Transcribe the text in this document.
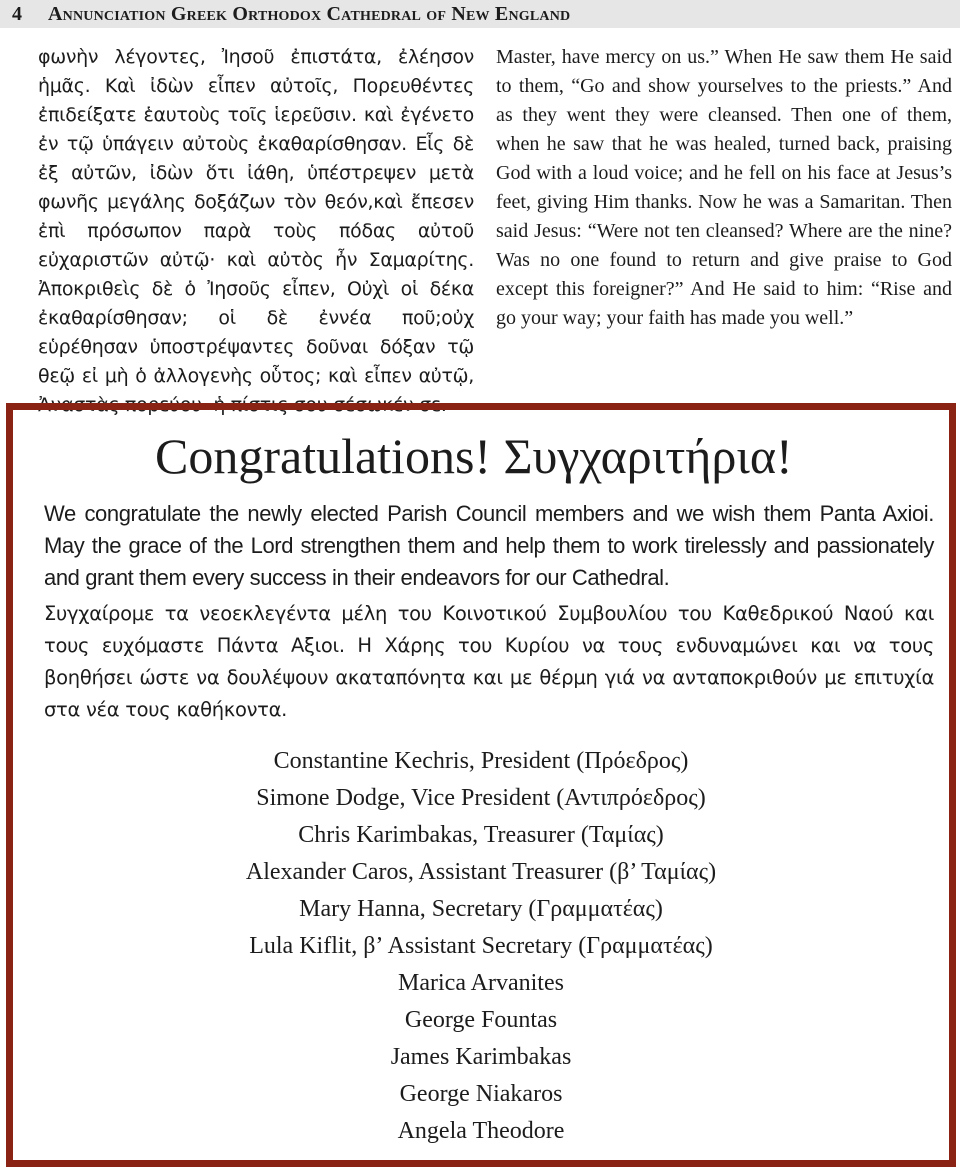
4 Annunciation Greek Orthodox Cathedral of New England
φωνὴν λέγοντες, Ἰησοῦ ἐπιστάτα, ἐλέησον ἡμᾶς. Καὶ ἰδὼν εἶπεν αὐτοῖς, Πορευθέντες ἐπιδείξατε ἑαυτοὺς τοῖς ἱερεῦσιν. καὶ ἐγένετο ἐν τῷ ὑπάγειν αὐτοὺς ἐκαθαρίσθησαν. Εἷς δὲ ἐξ αὐτῶν, ἰδὼν ὅτι ἰάθη, ὑπέστρεψεν μετὰ φωνῆς μεγάλης δοξάζων τὸν θεόν,καὶ ἔπεσεν ἐπὶ πρόσωπον παρὰ τοὺς πόδας αὐτοῦ εὐχαριστῶν αὐτῷ· καὶ αὐτὸς ἦν Σαμαρίτης. Ἀποκριθεὶς δὲ ὁ Ἰησοῦς εἶπεν, Οὐχὶ οἱ δέκα ἐκαθαρίσθησαν; οἱ δὲ ἐννέα ποῦ;οὐχ εὑρέθησαν ὑποστρέψαντες δοῦναι δόξαν τῷ θεῷ εἰ μὴ ὁ ἀλλογενὴς οὗτος; καὶ εἶπεν αὐτῷ, Ἀναστὰς πορεύου· ἡ πίστις σου σέσωκέν σε.
Master, have mercy on us.” When He saw them He said to them, “Go and show yourselves to the priests.” And as they went they were cleansed. Then one of them, when he saw that he was healed, turned back, praising God with a loud voice; and he fell on his face at Jesus’s feet, giving Him thanks. Now he was a Samaritan. Then said Jesus: “Were not ten cleansed? Where are the nine? Was no one found to return and give praise to God except this foreigner?” And He said to him: “Rise and go your way; your faith has made you well.”
Congratulations! Συγχαριτήρια!
We congratulate the newly elected Parish Council members and we wish them Panta Axioi. May the grace of the Lord strengthen them and help them to work tirelessly and passionately and grant them every success in their endeavors for our Cathedral.
Συγχαίρομε τα νεοεκλεγέντα μέλη του Κοινοτικού Συμβουλίου του Καθεδρικού Ναού και τους ευχόμαστε Πάντα Αξιοι. Η Χάρης του Κυρίου να τους ενδυναμώνει και να τους βοηθήσει ώστε να δουλέψουν ακαταπόνητα και με θέρμη γιά να ανταποκριθούν με επιτυχία στα νέα τους καθήκοντα.
Constantine Kechris, President (Πρόεδρος)
Simone Dodge, Vice President (Αντιπρόεδρος)
Chris Karimbakas, Treasurer (Ταμίας)
Alexander Caros, Assistant Treasurer (β’ Ταμίας)
Mary Hanna, Secretary (Γραμματέας)
Lula Kiflit, β’ Assistant Secretary (Γραμματέας)
Marica Arvanites
George Fountas
James Karimbakas
George Niakaros
Angela Theodore
